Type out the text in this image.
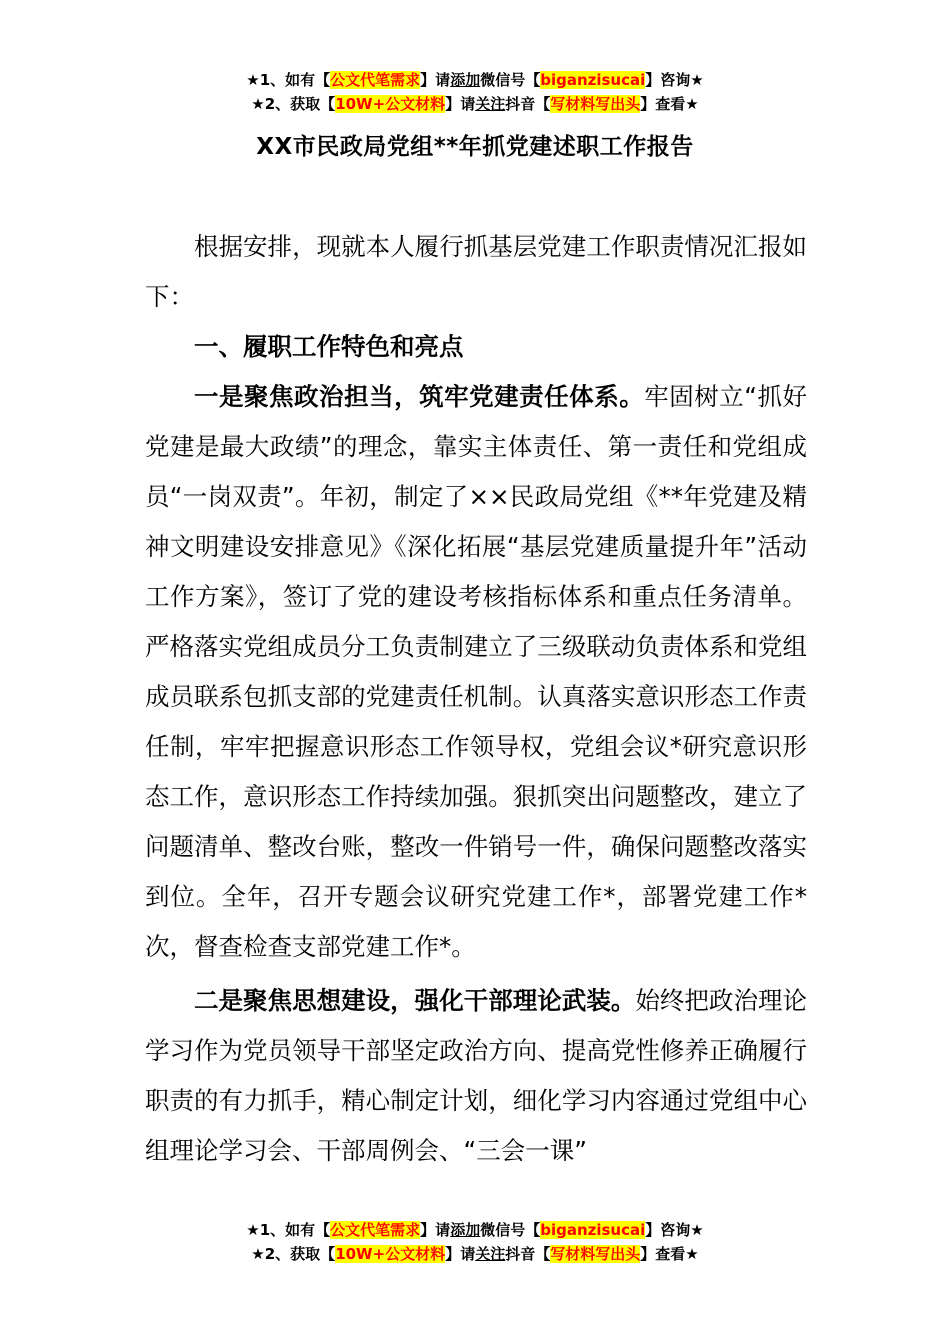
★1、如有【公文代笔需求】请添加微信号【biganzisucai】咨询★
★2、获取【10W+公文材料】请关注抖音【写材料写出头】查看★
XX市民政局党组**年抓党建述职工作报告

根据安排，现就本人履行抓基层党建工作职责情况汇报如下：

一、履职工作特色和亮点

一是聚焦政治担当，筑牢党建责任体系。牢固树立“抓好党建是最大政绩”的理念，靠实主体责任、第一责任和党组成员“一岗双责”。年初，制定了××民政局党组《**年党建及精神文明建设安排意见》《深化拓展“基层党建质量提升年”活动工作方案》，签订了党的建设考核指标体系和重点任务清单。严格落实党组成员分工负责制建立了三级联动负责体系和党组成员联系包抓支部的党建责任机制。认真落实意识形态工作责任制，牢牢把握意识形态工作领导权，党组会议*研究意识形态工作，意识形态工作持续加强。狠抓突出问题整改，建立了问题清单、整改台账，整改一件销号一件，确保问题整改落实到位。全年，召开专题会议研究党建工作*，部署党建工作*次，督查检查支部党建工作*。

二是聚焦思想建设，强化干部理论武装。始终把政治理论学习作为党员领导干部坚定政治方向、提高党性修养正确履行职责的有力抓手，精心制定计划，细化学习内容通过党组中心组理论学习会、干部周例会、“三会一课”

★1、如有【公文代笔需求】请添加微信号【biganzisucai】咨询★
★2、获取【10W+公文材料】请关注抖音【写材料写出头】查看★
